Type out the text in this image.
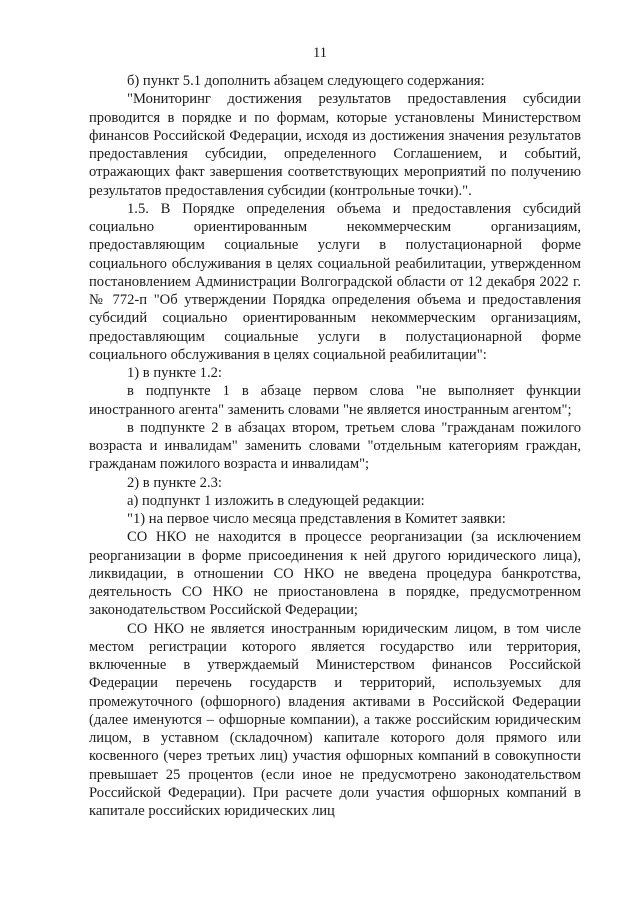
11

б) пункт 5.1 дополнить абзацем следующего содержания:

"Мониторинг достижения результатов предоставления субсидии проводится в порядке и по формам, которые установлены Министерством финансов Российской Федерации, исходя из достижения значения результатов предоставления субсидии, определенного Соглашением, и событий, отражающих факт завершения соответствующих мероприятий по получению результатов предоставления субсидии (контрольные точки).".

1.5. В Порядке определения объема и предоставления субсидий социально ориентированным некоммерческим организациям, предоставляющим социальные услуги в полустационарной форме социального обслуживания в целях социальной реабилитации, утвержденном постановлением Администрации Волгоградской области от 12 декабря 2022 г. № 772-п "Об утверждении Порядка определения объема и предоставления субсидий социально ориентированным некоммерческим организациям, предоставляющим социальные услуги в полустационарной форме социального обслуживания в целях социальной реабилитации":

1) в пункте 1.2:

в подпункте 1 в абзаце первом слова "не выполняет функции иностранного агента" заменить словами "не является иностранным агентом";

в подпункте 2 в абзацах втором, третьем слова "гражданам пожилого возраста и инвалидам" заменить словами "отдельным категориям граждан, гражданам пожилого возраста и инвалидам";

2) в пункте 2.3:

а) подпункт 1 изложить в следующей редакции:

"1) на первое число месяца представления в Комитет заявки:

СО НКО не находится в процессе реорганизации (за исключением реорганизации в форме присоединения к ней другого юридического лица), ликвидации, в отношении СО НКО не введена процедура банкротства, деятельность СО НКО не приостановлена в порядке, предусмотренном законодательством Российской Федерации;

СО НКО не является иностранным юридическим лицом, в том числе местом регистрации которого является государство или территория, включенные в утверждаемый Министерством финансов Российской Федерации перечень государств и территорий, используемых для промежуточного (офшорного) владения активами в Российской Федерации (далее именуются – офшорные компании), а также российским юридическим лицом, в уставном (складочном) капитале которого доля прямого или косвенного (через третьих лиц) участия офшорных компаний в совокупности превышает 25 процентов (если иное не предусмотрено законодательством Российской Федерации). При расчете доли участия офшорных компаний в капитале российских юридических лиц
